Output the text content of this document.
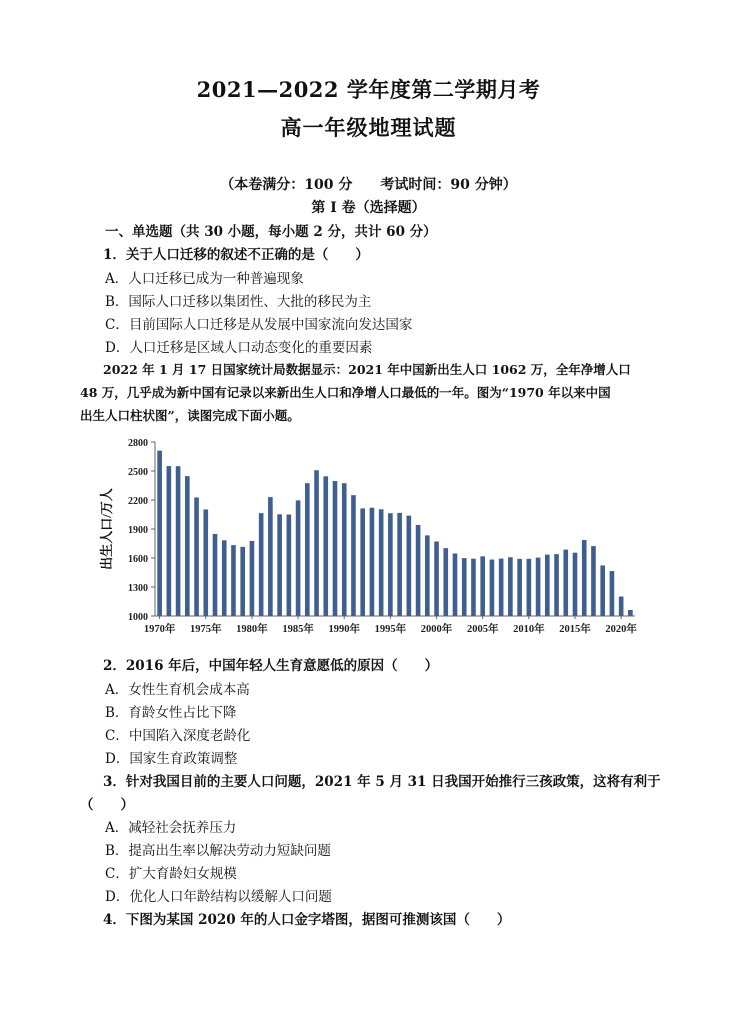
2021—2022 学年度第二学期月考
高一年级地理试题
（本卷满分：100 分　　考试时间：90 分钟）
第 I 卷（选择题）
一、单选题（共 30 小题，每小题 2 分，共计 60 分）
1．关于人口迁移的叙述不正确的是（　　）
A．人口迁移已成为一种普遍现象
B．国际人口迁移以集团性、大批的移民为主
C．目前国际人口迁移是从发展中国家流向发达国家
D．人口迁移是区域人口动态变化的重要因素
2022 年 1 月 17 日国家统计局数据显示：2021 年中国新出生人口 1062 万，全年净增人口
48 万，几乎成为新中国有记录以来新出生人口和净增人口最低的一年。图为“1970 年以来中国
出生人口柱状图”，读图完成下面小题。
1000
1300
1600
1900
2200
2500
2800
出生人口/万人
1970年 1975年 1980年 1985年 1990年 1995年 2000年 2005年 2010年 2015年 2020年
2．2016 年后，中国年轻人生育意愿低的原因（　　）
A．女性生育机会成本高
B．育龄女性占比下降
C．中国陷入深度老龄化
D．国家生育政策调整
3．针对我国目前的主要人口问题，2021 年 5 月 31 日我国开始推行三孩政策，这将有利于
（　　）
A．减轻社会抚养压力
B．提高出生率以解决劳动力短缺问题
C．扩大育龄妇女规模
D．优化人口年龄结构以缓解人口问题
4．下图为某国 2020 年的人口金字塔图，据图可推测该国（　　）
